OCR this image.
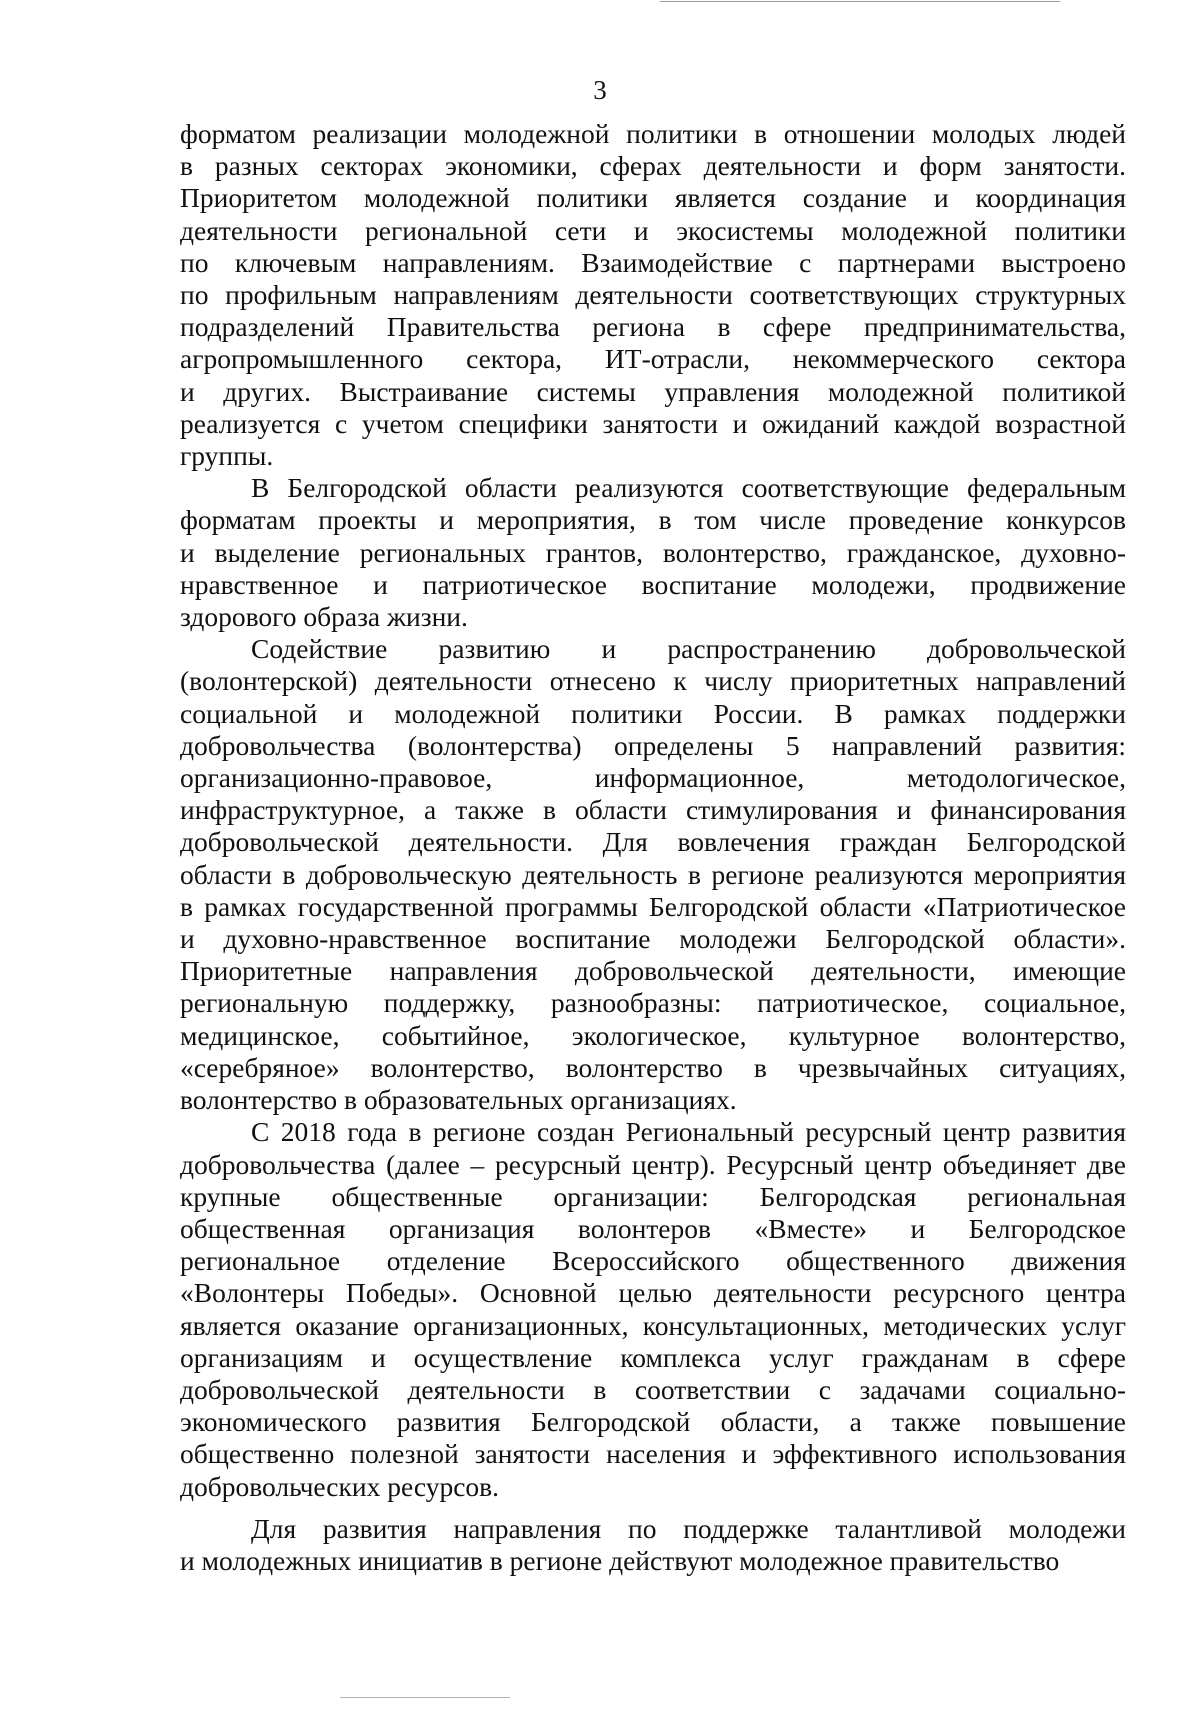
3
форматом реализации молодежной политики в отношении молодых людей
в разных секторах экономики, сферах деятельности и форм занятости.
Приоритетом молодежной политики является создание и координация
деятельности региональной сети и экосистемы молодежной политики
по ключевым направлениям. Взаимодействие с партнерами выстроено
по профильным направлениям деятельности соответствующих структурных
подразделений Правительства региона в сфере предпринимательства,
агропромышленного сектора, ИТ-отрасли, некоммерческого сектора
и других. Выстраивание системы управления молодежной политикой
реализуется с учетом специфики занятости и ожиданий каждой возрастной
группы.
В Белгородской области реализуются соответствующие федеральным
форматам проекты и мероприятия, в том числе проведение конкурсов
и выделение региональных грантов, волонтерство, гражданское, духовно-
нравственное и патриотическое воспитание молодежи, продвижение
здорового образа жизни.
Содействие развитию и распространению добровольческой
(волонтерской) деятельности отнесено к числу приоритетных направлений
социальной и молодежной политики России. В рамках поддержки
добровольчества (волонтерства) определены 5 направлений развития:
организационно-правовое, информационное, методологическое,
инфраструктурное, а также в области стимулирования и финансирования
добровольческой деятельности. Для вовлечения граждан Белгородской
области в добровольческую деятельность в регионе реализуются мероприятия
в рамках государственной программы Белгородской области «Патриотическое
и духовно-нравственное воспитание молодежи Белгородской области».
Приоритетные направления добровольческой деятельности, имеющие
региональную поддержку, разнообразны: патриотическое, социальное,
медицинское, событийное, экологическое, культурное волонтерство,
«серебряное» волонтерство, волонтерство в чрезвычайных ситуациях,
волонтерство в образовательных организациях.
С 2018 года в регионе создан Региональный ресурсный центр развития
добровольчества (далее – ресурсный центр). Ресурсный центр объединяет две
крупные общественные организации: Белгородская региональная
общественная организация волонтеров «Вместе» и Белгородское
региональное отделение Всероссийского общественного движения
«Волонтеры Победы». Основной целью деятельности ресурсного центра
является оказание организационных, консультационных, методических услуг
организациям и осуществление комплекса услуг гражданам в сфере
добровольческой деятельности в соответствии с задачами социально-
экономического развития Белгородской области, а также повышение
общественно полезной занятости населения и эффективного использования
добровольческих ресурсов.
Для развития направления по поддержке талантливой молодежи
и молодежных инициатив в регионе действуют молодежное правительство
